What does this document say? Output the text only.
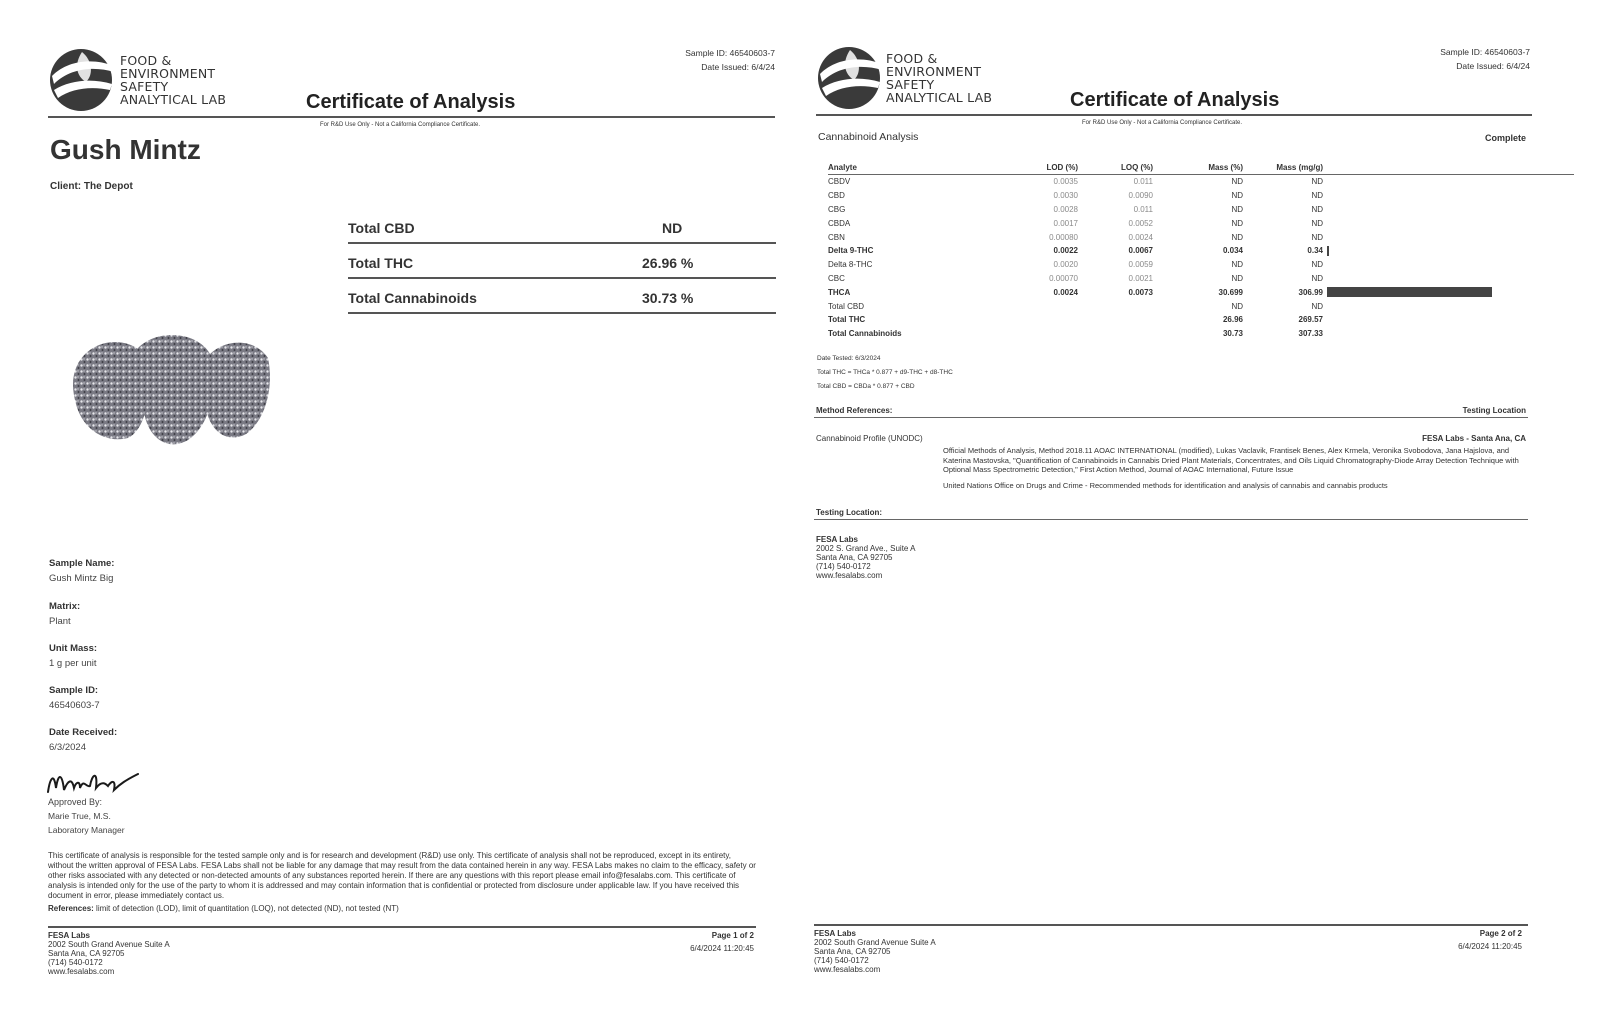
FOOD &
ENVIRONMENT
SAFETY
ANALYTICAL LAB	Certificate of Analysis
Sample ID: 46540603-7
Date Issued: 6/4/24
For R&D Use Only - Not a California Compliance Certificate.
Gush Mintz
Client: The Depot
Total CBD	ND
Total THC	26.96 %
Total Cannabinoids	30.73 %
Sample Name:
Gush Mintz Big
Matrix:
Plant
Unit Mass:
1 g per unit
Sample ID:
46540603-7
Date Received:
6/3/2024
Approved By:
Marie True, M.S.
Laboratory Manager
This certificate of analysis is responsible for the tested sample only and is for research and development (R&D) use only. This certificate of analysis shall not be reproduced, except in its entirety, without the written approval of FESA Labs. FESA Labs shall not be liable for any damage that may result from the data contained herein in any way. FESA Labs makes no claim to the efficacy, safety or other risks associated with any detected or non-detected amounts of any substances reported herein. If there are any questions with this report please email info@fesalabs.com. This certificate of analysis is intended only for the use of the party to whom it is addressed and may contain information that is confidential or protected from disclosure under applicable law. If you have received this document in error, please immediately contact us.
References: limit of detection (LOD), limit of quantitation (LOQ), not detected (ND), not tested (NT)
FESA Labs
2002 South Grand Avenue Suite A
Santa Ana, CA 92705
(714) 540-0172
www.fesalabs.com
Page 1 of 2
6/4/2024 11:20:45
FOOD &
ENVIRONMENT
SAFETY
ANALYTICAL LAB	Certificate of Analysis
Sample ID: 46540603-7
Date Issued: 6/4/24
For R&D Use Only - Not a California Compliance Certificate.
Cannabinoid Analysis	Complete
Analyte	LOD (%)	LOQ (%)	Mass (%)	Mass (mg/g)	
CBDV	0.0035	0.011	ND	ND	
CBD	0.0030	0.0090	ND	ND	
CBG	0.0028	0.011	ND	ND	
CBDA	0.0017	0.0052	ND	ND	
CBN	0.00080	0.0024	ND	ND	
Delta 9-THC	0.0022	0.0067	0.034	0.34	
Delta 8-THC	0.0020	0.0059	ND	ND	
CBC	0.00070	0.0021	ND	ND	
THCA	0.0024	0.0073	30.699	306.99	
Total CBD			ND	ND	
Total THC			26.96	269.57	
Total Cannabinoids			30.73	307.33	
Date Tested: 6/3/2024
Total THC = THCa * 0.877 + d9-THC + d8-THC
Total CBD = CBDa * 0.877 + CBD
Method References:	Testing Location
Cannabinoid Profile (UNODC)	FESA Labs - Santa Ana, CA
Official Methods of Analysis, Method 2018.11 AOAC INTERNATIONAL (modified), Lukas Vaclavik, Frantisek Benes, Alex Krmela, Veronika Svobodova, Jana Hajslova, and Katerina Mastovska, "Quantification of Cannabinoids in Cannabis Dried Plant Materials, Concentrates, and Oils Liquid Chromatography-Diode Array Detection Technique with Optional Mass Spectrometric Detection," First Action Method, Journal of AOAC International, Future Issue
United Nations Office on Drugs and Crime - Recommended methods for identification and analysis of cannabis and cannabis products
Testing Location:
FESA Labs
2002 S. Grand Ave., Suite A
Santa Ana, CA 92705
(714) 540-0172
www.fesalabs.com
FESA Labs
2002 South Grand Avenue Suite A
Santa Ana, CA 92705
(714) 540-0172
www.fesalabs.com
Page 2 of 2
6/4/2024 11:20:45
